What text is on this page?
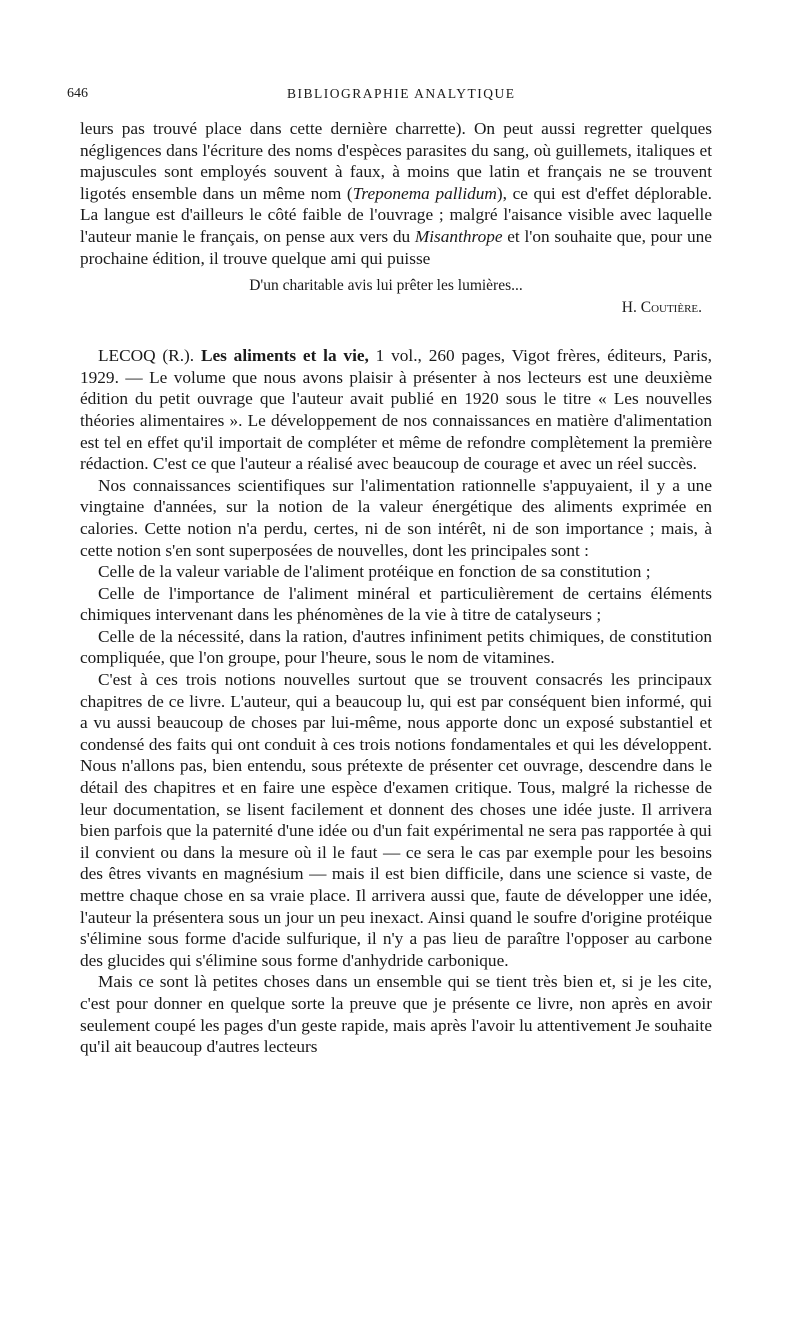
646	BIBLIOGRAPHIE ANALYTIQUE

leurs pas trouvé place dans cette dernière charrette). On peut aussi regretter quelques négligences dans l'écriture des noms d'espèces parasites du sang, où guillemets, italiques et majuscules sont employés souvent à faux, à moins que latin et français ne se trouvent ligotés ensemble dans un même nom (Treponema pallidum), ce qui est d'effet déplorable. La langue est d'ailleurs le côté faible de l'ouvrage ; malgré l'aisance visible avec laquelle l'auteur manie le français, on pense aux vers du Misanthrope et l'on souhaite que, pour une prochaine édition, il trouve quelque ami qui puisse

D'un charitable avis lui prêter les lumières...

H. Coutière.

LECOQ (R.). Les aliments et la vie, 1 vol., 260 pages, Vigot frères, éditeurs, Paris, 1929. — Le volume que nous avons plaisir à présenter à nos lecteurs est une deuxième édition du petit ouvrage que l'auteur avait publié en 1920 sous le titre « Les nouvelles théories alimentaires ». Le développement de nos connaissances en matière d'alimentation est tel en effet qu'il importait de compléter et même de refondre complètement la première rédaction. C'est ce que l'auteur a réalisé avec beaucoup de courage et avec un réel succès.

Nos connaissances scientifiques sur l'alimentation rationnelle s'appuyaient, il y a une vingtaine d'années, sur la notion de la valeur énergétique des aliments exprimée en calories. Cette notion n'a perdu, certes, ni de son intérêt, ni de son importance ; mais, à cette notion s'en sont superposées de nouvelles, dont les principales sont :

Celle de la valeur variable de l'aliment protéique en fonction de sa constitution ;

Celle de l'importance de l'aliment minéral et particulièrement de certains éléments chimiques intervenant dans les phénomènes de la vie à titre de catalyseurs ;

Celle de la nécessité, dans la ration, d'autres infiniment petits chimiques, de constitution compliquée, que l'on groupe, pour l'heure, sous le nom de vitamines.

C'est à ces trois notions nouvelles surtout que se trouvent consacrés les principaux chapitres de ce livre. L'auteur, qui a beaucoup lu, qui est par conséquent bien informé, qui a vu aussi beaucoup de choses par lui-même, nous apporte donc un exposé substantiel et condensé des faits qui ont conduit à ces trois notions fondamentales et qui les développent. Nous n'allons pas, bien entendu, sous prétexte de présenter cet ouvrage, descendre dans le détail des chapitres et en faire une espèce d'examen critique. Tous, malgré la richesse de leur documentation, se lisent facilement et donnent des choses une idée juste. Il arrivera bien parfois que la paternité d'une idée ou d'un fait expérimental ne sera pas rapportée à qui il convient ou dans la mesure où il le faut — ce sera le cas par exemple pour les besoins des êtres vivants en magnésium — mais il est bien difficile, dans une science si vaste, de mettre chaque chose en sa vraie place. Il arrivera aussi que, faute de développer une idée, l'auteur la présentera sous un jour un peu inexact. Ainsi quand le soufre d'origine protéique s'élimine sous forme d'acide sulfurique, il n'y a pas lieu de paraître l'opposer au carbone des glucides qui s'élimine sous forme d'anhydride carbonique.

Mais ce sont là petites choses dans un ensemble qui se tient très bien et, si je les cite, c'est pour donner en quelque sorte la preuve que je présente ce livre, non après en avoir seulement coupé les pages d'un geste rapide, mais après l'avoir lu attentivement Je souhaite qu'il ait beaucoup d'autres lecteurs
